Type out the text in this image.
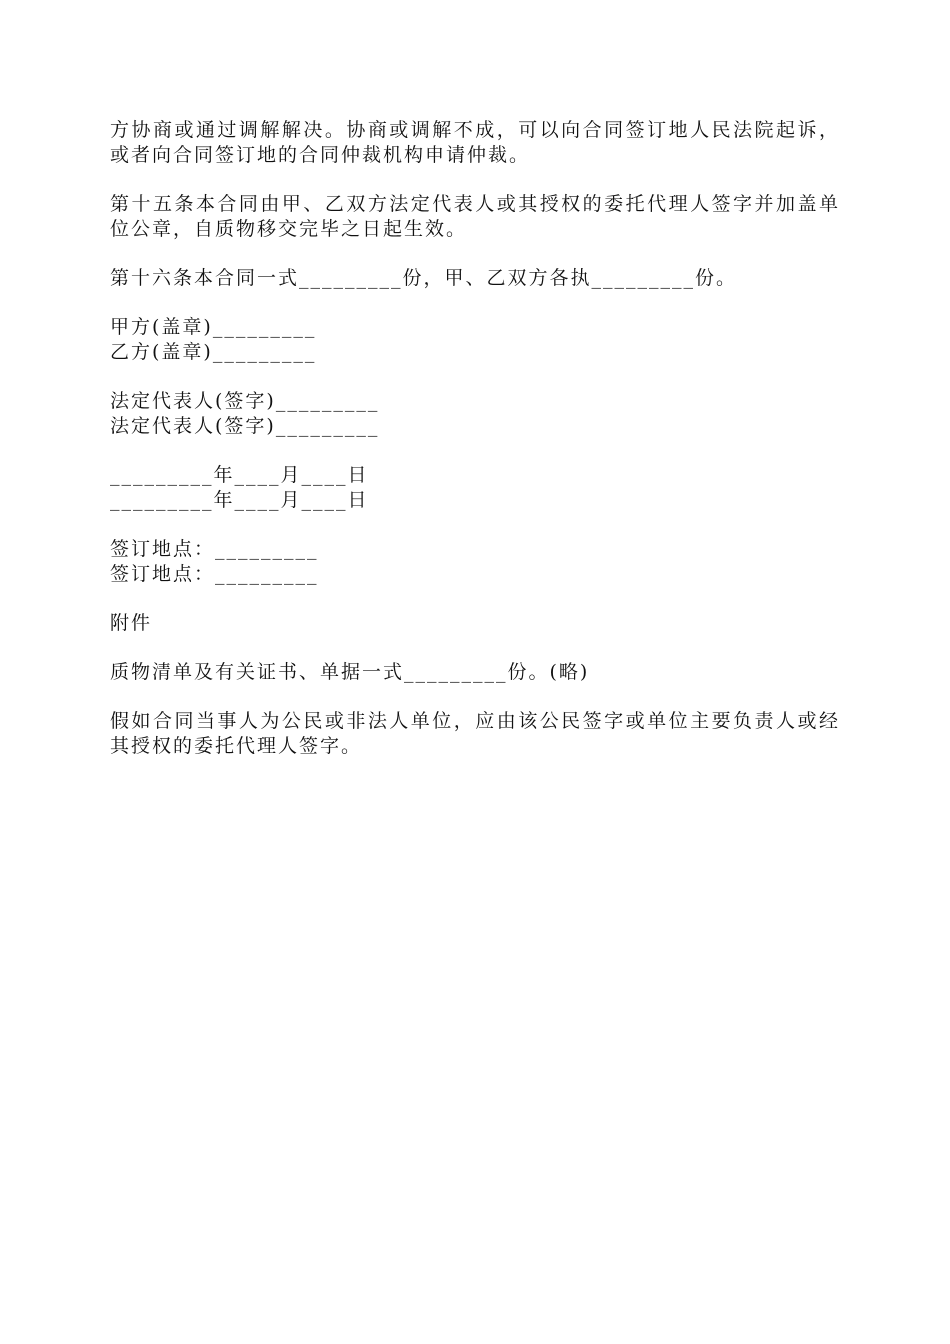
方协商或通过调解解决。协商或调解不成，可以向合同签订地人民法院起诉，或者向合同签订地的合同仲裁机构申请仲裁。

第十五条本合同由甲、乙双方法定代表人或其授权的委托代理人签字并加盖单位公章，自质物移交完毕之日起生效。

第十六条本合同一式_________份，甲、乙双方各执_________份。

甲方(盖章)_________
乙方(盖章)_________
法定代表人(签字)_________
法定代表人(签字)_________
_________年____月____日
_________年____月____日
签订地点：_________
签订地点：_________

附件

质物清单及有关证书、单据一式_________份。(略)

假如合同当事人为公民或非法人单位，应由该公民签字或单位主要负责人或经其授权的委托代理人签字。
